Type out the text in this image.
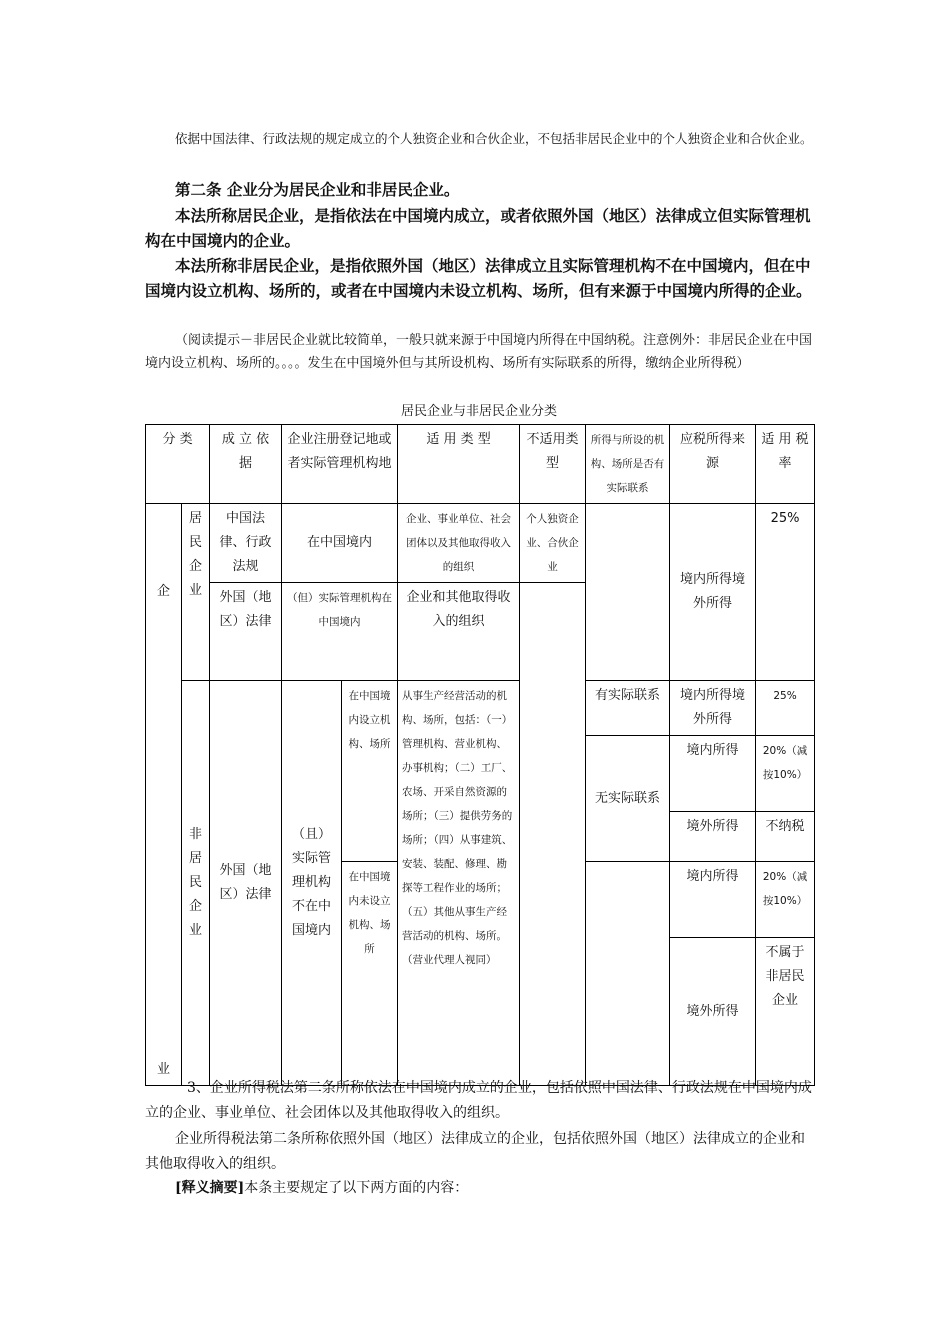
依据中国法律、行政法规的规定成立的个人独资企业和合伙企业，不包括非居民企业中的个人独资企业和合伙企业。

第二条 企业分为居民企业和非居民企业。

本法所称居民企业，是指依法在中国境内成立，或者依照外国（地区）法律成立但实际管理机构在中国境内的企业。

本法所称非居民企业，是指依照外国（地区）法律成立且实际管理机构不在中国境内，但在中国境内设立机构、场所的，或者在中国境内未设立机构、场所，但有来源于中国境内所得的企业。

（阅读提示－非居民企业就比较简单，一般只就来源于中国境内所得在中国纳税。注意例外：非居民企业在中国境内设立机构、场所的。。。。发生在中国境外但与其所设机构、场所有实际联系的所得，缴纳企业所得税）

居民企业与非居民企业分类
分 类		成 立 依 据	企业注册登记地或者实际管理机构地		适 用 类 型	不适用类 型	所得与所设的机构、场所是否有实际联系	应税所得来源	适 用 税 率
企	居民企业	中国法律、行政法规	在中国境内		企业、事业单位、社会团体以及其他取得收入的组织	个人独资企业、合伙企业		境内所得境外所得	25%
		外国（地区）法律	（但）实际管理机构在中国境内		企业和其他取得收入的组织				
业	非居民企业	外国（地区）法律	（且）实际管理机构不在中国境内	在中国境内设立机构、场所	从事生产经营活动的机构、场所，包括：（一）管理机构、营业机构、办事机构；（二）工厂、农场、开采自然资源的场所；（三）提供劳务的场所；（四）从事建筑、安装、装配、修理、勘探等工程作业的场所；（五）其他从事生产经营活动的机构、场所。（营业代理人视同）		有实际联系	境内所得境外所得	25%
							无实际联系	境内所得	20%（减按10%）
								境外所得	不纳税
				在中国境内未设立机构、场所				境内所得	20%（减按10%）
								境外所得	不属于非居民企业

3、企业所得税法第二条所称依法在中国境内成立的企业，包括依照中国法律、行政法规在中国境内成立的企业、事业单位、社会团体以及其他取得收入的组织。

企业所得税法第二条所称依照外国（地区）法律成立的企业，包括依照外国（地区）法律成立的企业和其他取得收入的组织。

[释义摘要]本条主要规定了以下两方面的内容：
